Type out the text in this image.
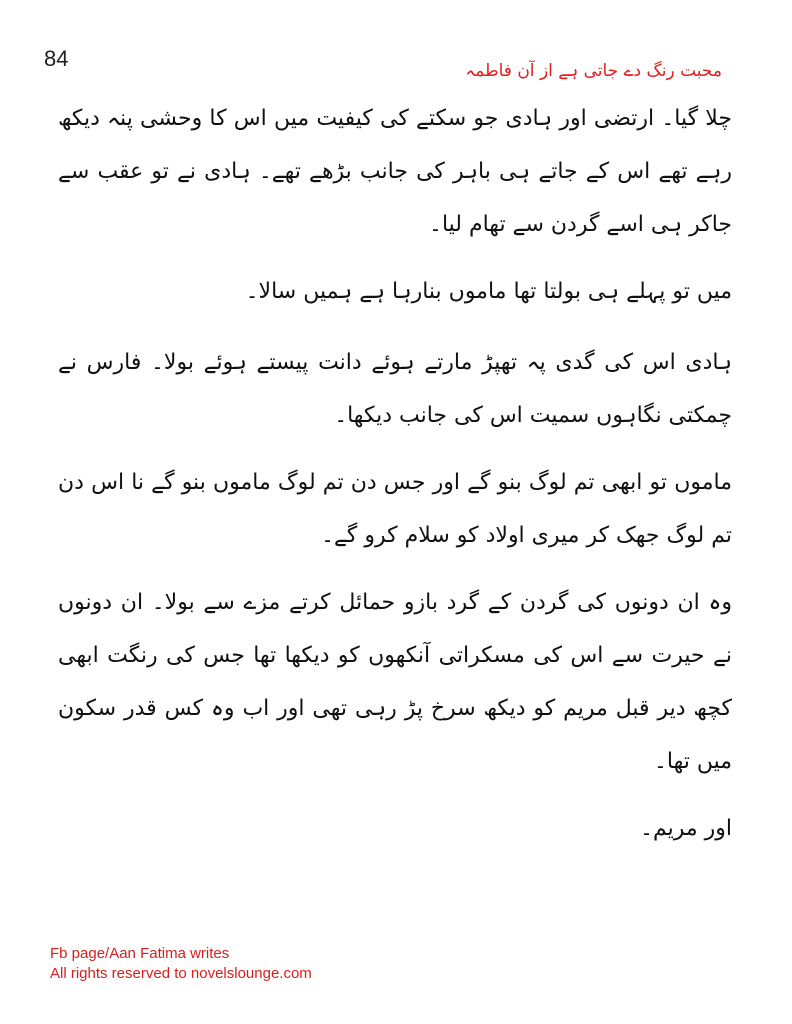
84	محبت رنگ دے جاتی ہے از آن فاطمہ

چلا گیا۔ ارتضی اور ہادی جو سکتے کی کیفیت میں اس کا وحشی پنہ دیکھ رہے تھے اس کے جاتے ہی باہر کی جانب بڑھے تھے۔ ہادی نے تو عقب سے جاکر ہی اسے گردن سے تھام لیا۔

میں تو پہلے ہی بولتا تھا ماموں بنارہا ہے ہمیں سالا۔

ہادی اس کی گدی پہ تھپڑ مارتے ہوئے دانت پیستے ہوئے بولا۔ فارس نے چمکتی نگاہوں سمیت اس کی جانب دیکھا۔

ماموں تو ابھی تم لوگ بنو گے اور جس دن تم لوگ ماموں بنو گے نا اس دن تم لوگ جھک کر میری اولاد کو سلام کرو گے۔

وہ ان دونوں کی گردن کے گرد بازو حمائل کرتے مزے سے بولا۔ ان دونوں نے حیرت سے اس کی مسکراتی آنکھوں کو دیکھا تھا جس کی رنگت ابھی کچھ دیر قبل مریم کو دیکھ سرخ پڑ رہی تھی اور اب وہ کس قدر سکون میں تھا۔

اور مریم۔

Fb page/Aan Fatima writes
All rights reserved to novelslounge.com
